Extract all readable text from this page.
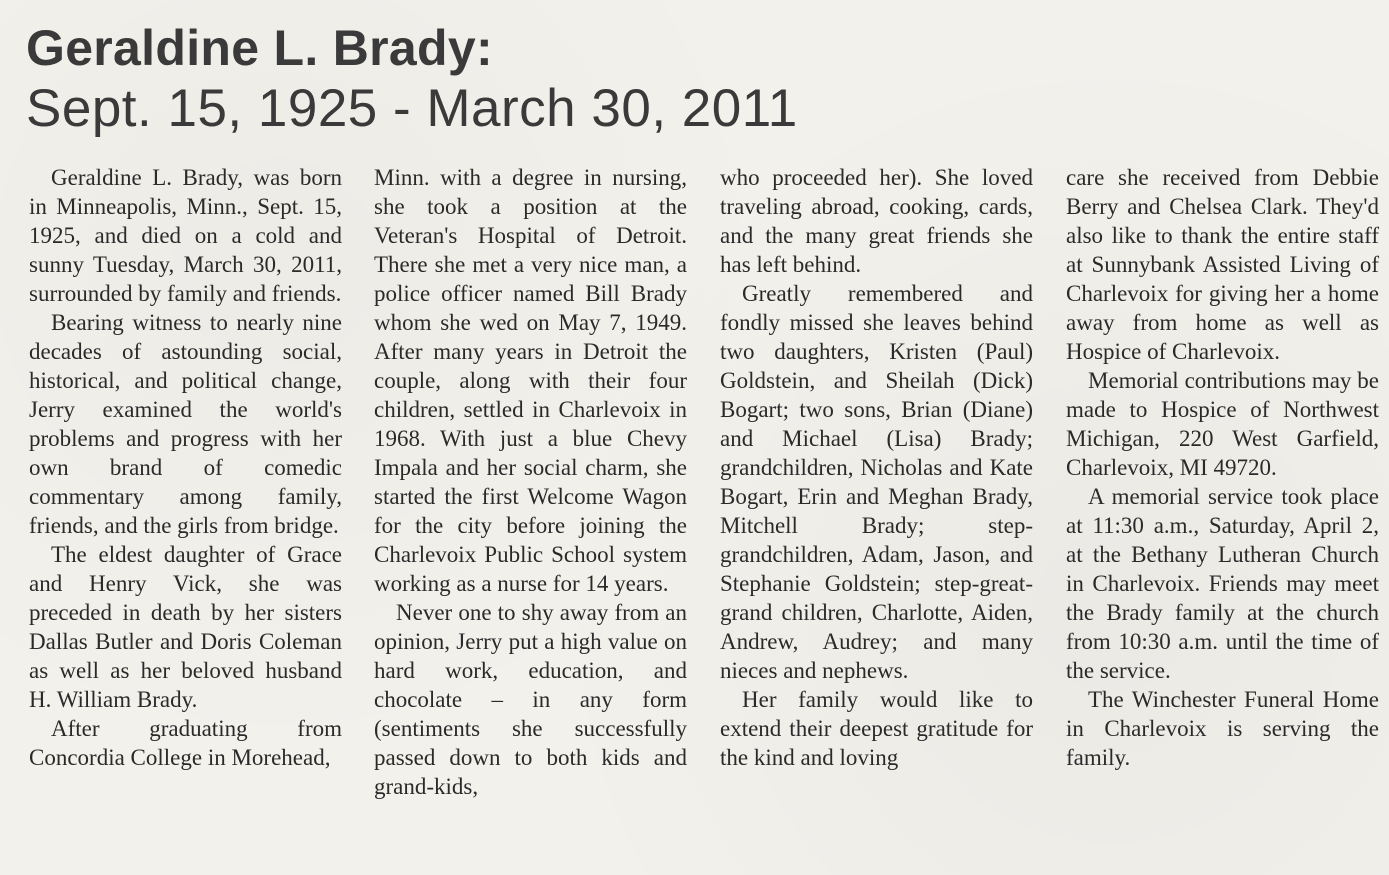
Geraldine L. Brady:
Sept. 15, 1925 - March 30, 2011

Geraldine L. Brady, was born in Minneapolis, Minn., Sept. 15, 1925, and died on a cold and sunny Tuesday, March 30, 2011, surrounded by family and friends.

Bearing witness to nearly nine decades of astounding social, historical, and political change, Jerry examined the world's problems and progress with her own brand of comedic commentary among family, friends, and the girls from bridge.

The eldest daughter of Grace and Henry Vick, she was preceded in death by her sisters Dallas Butler and Doris Coleman as well as her beloved husband H. William Brady.

After graduating from Concordia College in Morehead,

Minn. with a degree in nursing, she took a position at the Veteran's Hospital of Detroit. There she met a very nice man, a police officer named Bill Brady whom she wed on May 7, 1949. After many years in Detroit the couple, along with their four children, settled in Charlevoix in 1968. With just a blue Chevy Impala and her social charm, she started the first Welcome Wagon for the city before joining the Charlevoix Public School system working as a nurse for 14 years.

Never one to shy away from an opinion, Jerry put a high value on hard work, education, and chocolate – in any form (sentiments she successfully passed down to both kids and grand-kids,

who proceeded her). She loved traveling abroad, cooking, cards, and the many great friends she has left behind.

Greatly remembered and fondly missed she leaves behind two daughters, Kristen (Paul) Goldstein, and Sheilah (Dick) Bogart; two sons, Brian (Diane) and Michael (Lisa) Brady; grandchildren, Nicholas and Kate Bogart, Erin and Meghan Brady, Mitchell Brady; step-grandchildren, Adam, Jason, and Stephanie Goldstein; step-great-grand children, Charlotte, Aiden, Andrew, Audrey; and many nieces and nephews.

Her family would like to extend their deepest gratitude for the kind and loving

care she received from Debbie Berry and Chelsea Clark. They'd also like to thank the entire staff at Sunnybank Assisted Living of Charlevoix for giving her a home away from home as well as Hospice of Charlevoix.

Memorial contributions may be made to Hospice of Northwest Michigan, 220 West Garfield, Charlevoix, MI 49720.

A memorial service took place at 11:30 a.m., Saturday, April 2, at the Bethany Lutheran Church in Charlevoix. Friends may meet the Brady family at the church from 10:30 a.m. until the time of the service.

The Winchester Funeral Home in Charlevoix is serving the family.
